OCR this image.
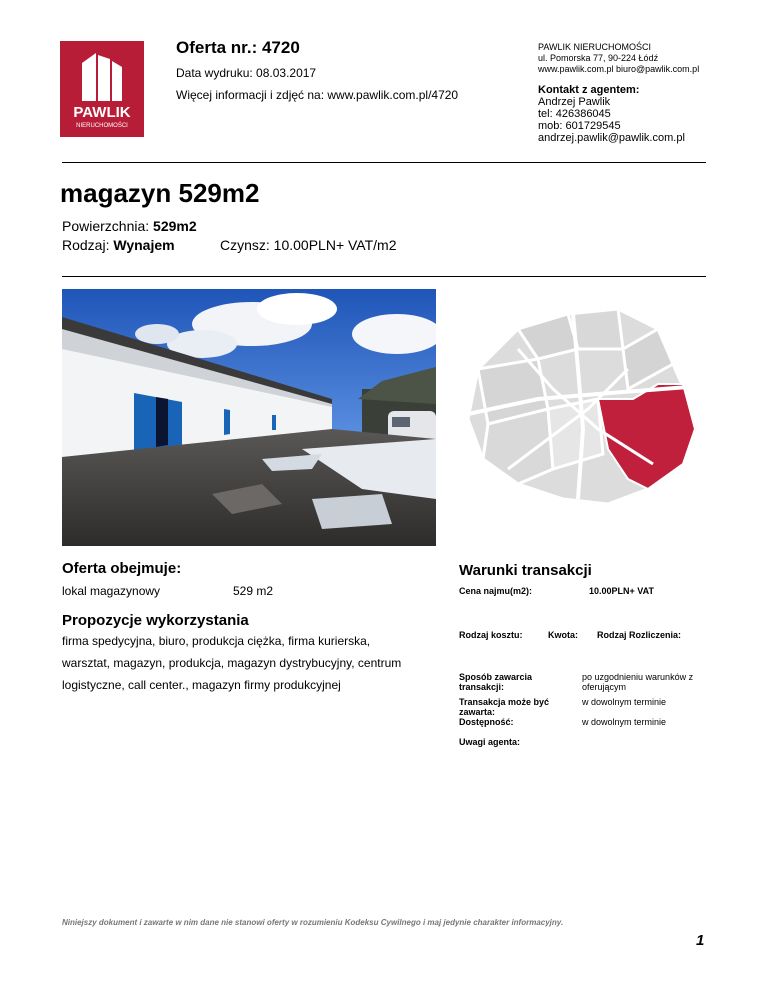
PAWLIK
NIERUCHOMOŚCI
Oferta nr.: 4720
Data wydruku: 08.03.2017
Więcej informacji i zdjęć na: www.pawlik.com.pl/4720
PAWLIK NIERUCHOMOŚCI
ul. Pomorska 77, 90-224 Łódź
www.pawlik.com.pl biuro@pawlik.com.pl
Kontakt z agentem:
Andrzej Pawlik
tel: 426386045
mob: 601729545
andrzej.pawlik@pawlik.com.pl
magazyn 529m2
Powierzchnia: 529m2
Rodzaj: Wynajem	Czynsz: 10.00PLN+ VAT/m2
Oferta obejmuje:
lokal magazynowy	529 m2
Propozycje wykorzystania
firma spedycyjna, biuro, produkcja ciężka, firma kurierska,
warsztat, magazyn, produkcja, magazyn dystrybucyjny, centrum
logistyczne, call center., magazyn firmy produkcyjnej
Warunki transakcji
Cena najmu(m2):	10.00PLN+ VAT
Rodzaj kosztu:	Kwota: Rodzaj Rozliczenia:
Sposób zawarcia transakcji:
po uzgodnieniu warunków z oferującym
Transakcja może być zawarta:
w dowolnym terminie
Dostępność:	w dowolnym terminie
Uwagi agenta:
Niniejszy dokument i zawarte w nim dane nie stanowi oferty w rozumieniu Kodeksu Cywilnego i maj jedynie charakter informacyjny.
1
